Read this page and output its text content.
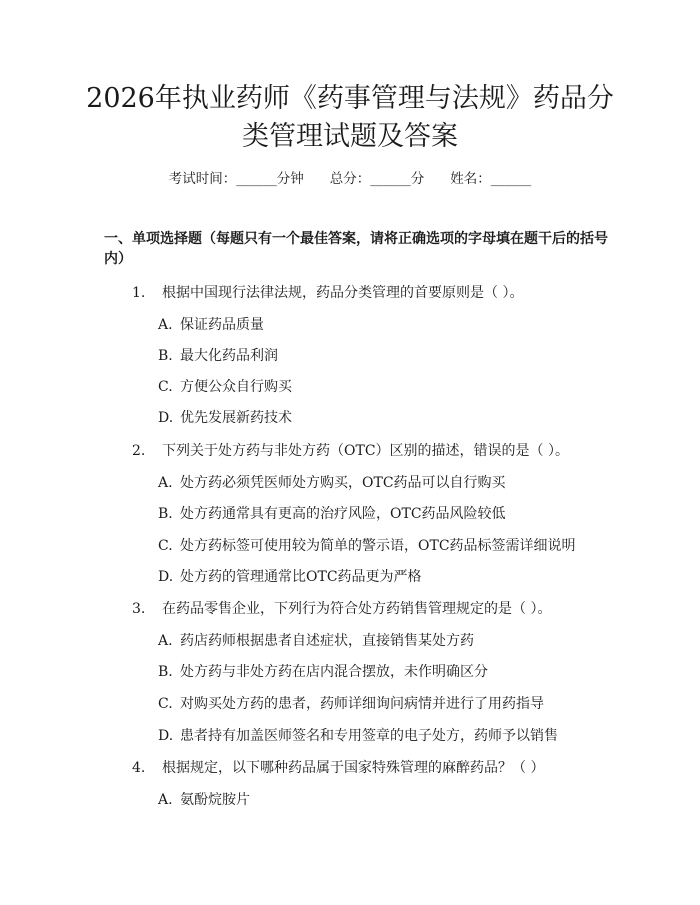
2026年执业药师《药事管理与法规》药品分
类管理试题及答案
考试时间：______分钟 总分：______分 姓名：______
一、单项选择题（每题只有一个最佳答案，请将正确选项的字母填在题干后的括号内）
1. 根据中国现行法律法规，药品分类管理的首要原则是（ ）。
A. 保证药品质量
B. 最大化药品利润
C. 方便公众自行购买
D. 优先发展新药技术
2. 下列关于处方药与非处方药（OTC）区别的描述，错误的是（ ）。
A. 处方药必须凭医师处方购买，OTC药品可以自行购买
B. 处方药通常具有更高的治疗风险，OTC药品风险较低
C. 处方药标签可使用较为简单的警示语，OTC药品标签需详细说明
D. 处方药的管理通常比OTC药品更为严格
3. 在药品零售企业，下列行为符合处方药销售管理规定的是（ ）。
A. 药店药师根据患者自述症状，直接销售某处方药
B. 处方药与非处方药在店内混合摆放，未作明确区分
C. 对购买处方药的患者，药师详细询问病情并进行了用药指导
D. 患者持有加盖医师签名和专用签章的电子处方，药师予以销售
4. 根据规定，以下哪种药品属于国家特殊管理的麻醉药品？（ ）
A. 氨酚烷胺片
